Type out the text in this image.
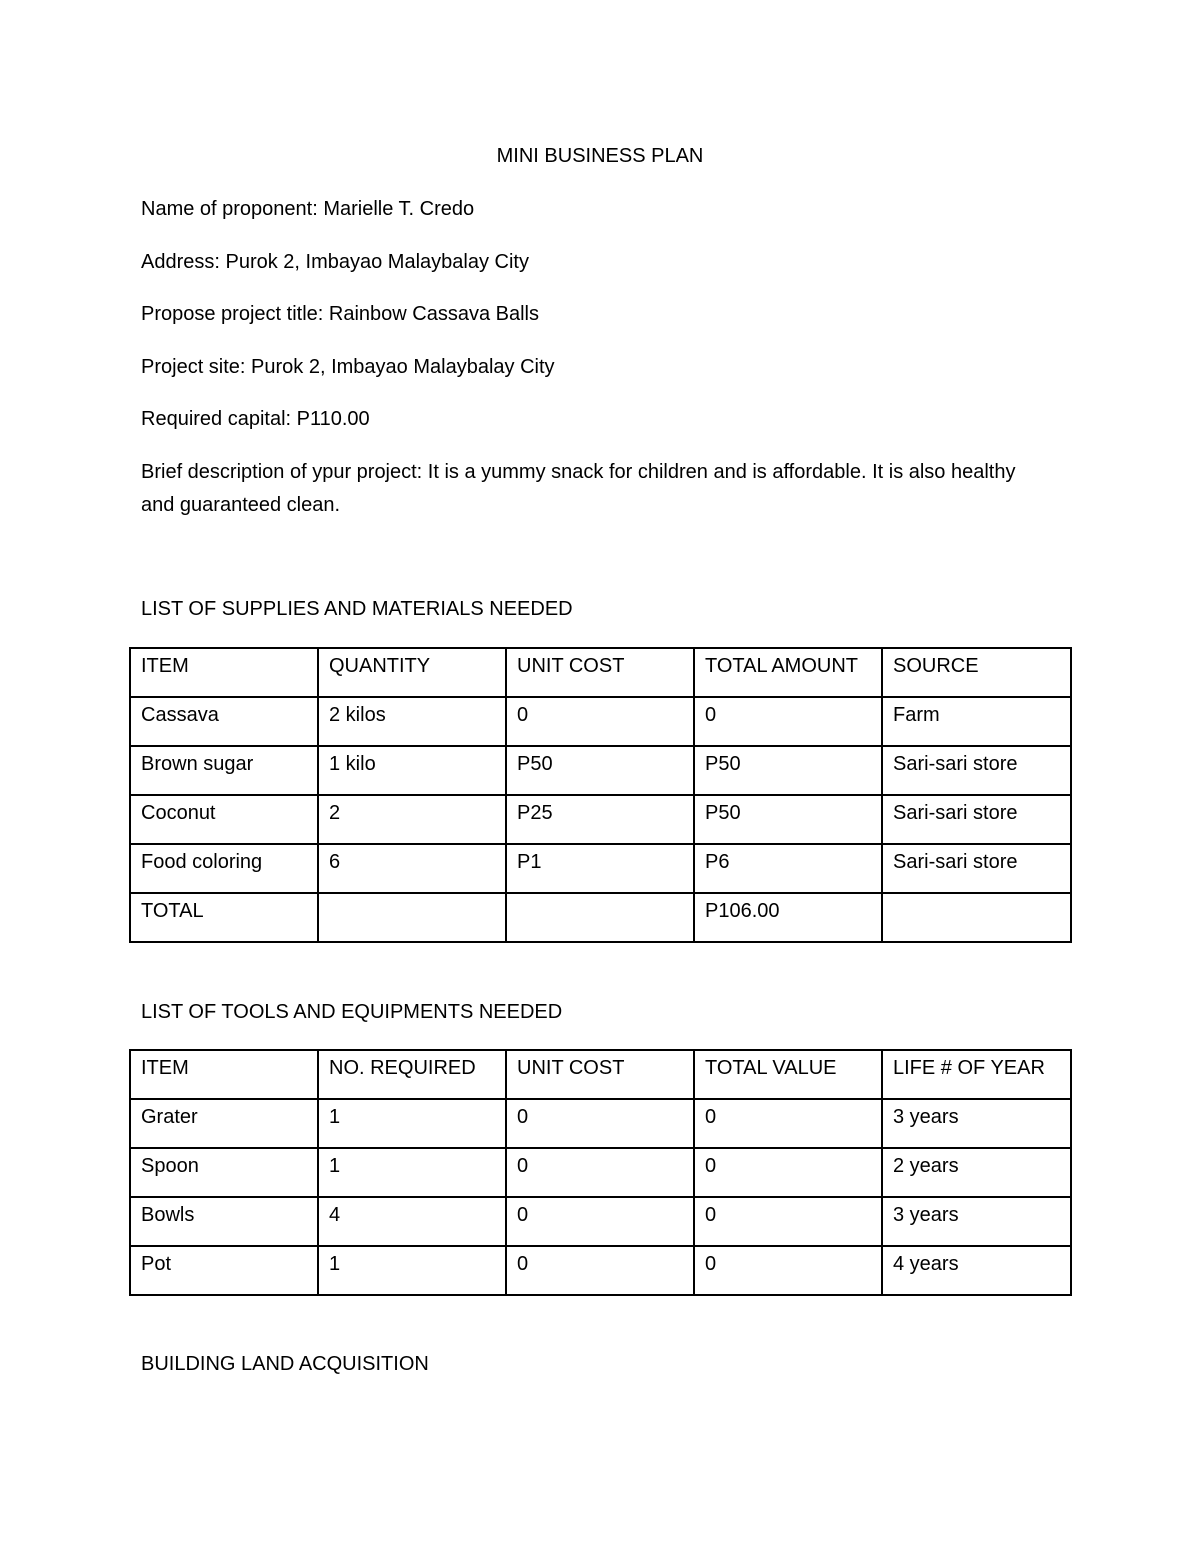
MINI BUSINESS PLAN
Name of proponent: Marielle T. Credo
Address: Purok 2, Imbayao Malaybalay City
Propose project title: Rainbow Cassava Balls
Project site: Purok 2, Imbayao Malaybalay City
Required capital: P110.00
Brief description of ypur project: It is a yummy snack for children and is affordable. It is also healthy and guaranteed clean.
LIST OF SUPPLIES AND MATERIALS NEEDED
ITEM	QUANTITY	UNIT COST	TOTAL AMOUNT	SOURCE
Cassava	2 kilos	0	0	Farm
Brown sugar	1 kilo	P50	P50	Sari-sari store
Coconut	2	P25	P50	Sari-sari store
Food coloring	6	P1	P6	Sari-sari store
TOTAL			P106.00	
LIST OF TOOLS AND EQUIPMENTS NEEDED
ITEM	NO. REQUIRED	UNIT COST	TOTAL VALUE	LIFE # OF YEAR
Grater	1	0	0	3 years
Spoon	1	0	0	2 years
Bowls	4	0	0	3 years
Pot	1	0	0	4 years
BUILDING LAND ACQUISITION
